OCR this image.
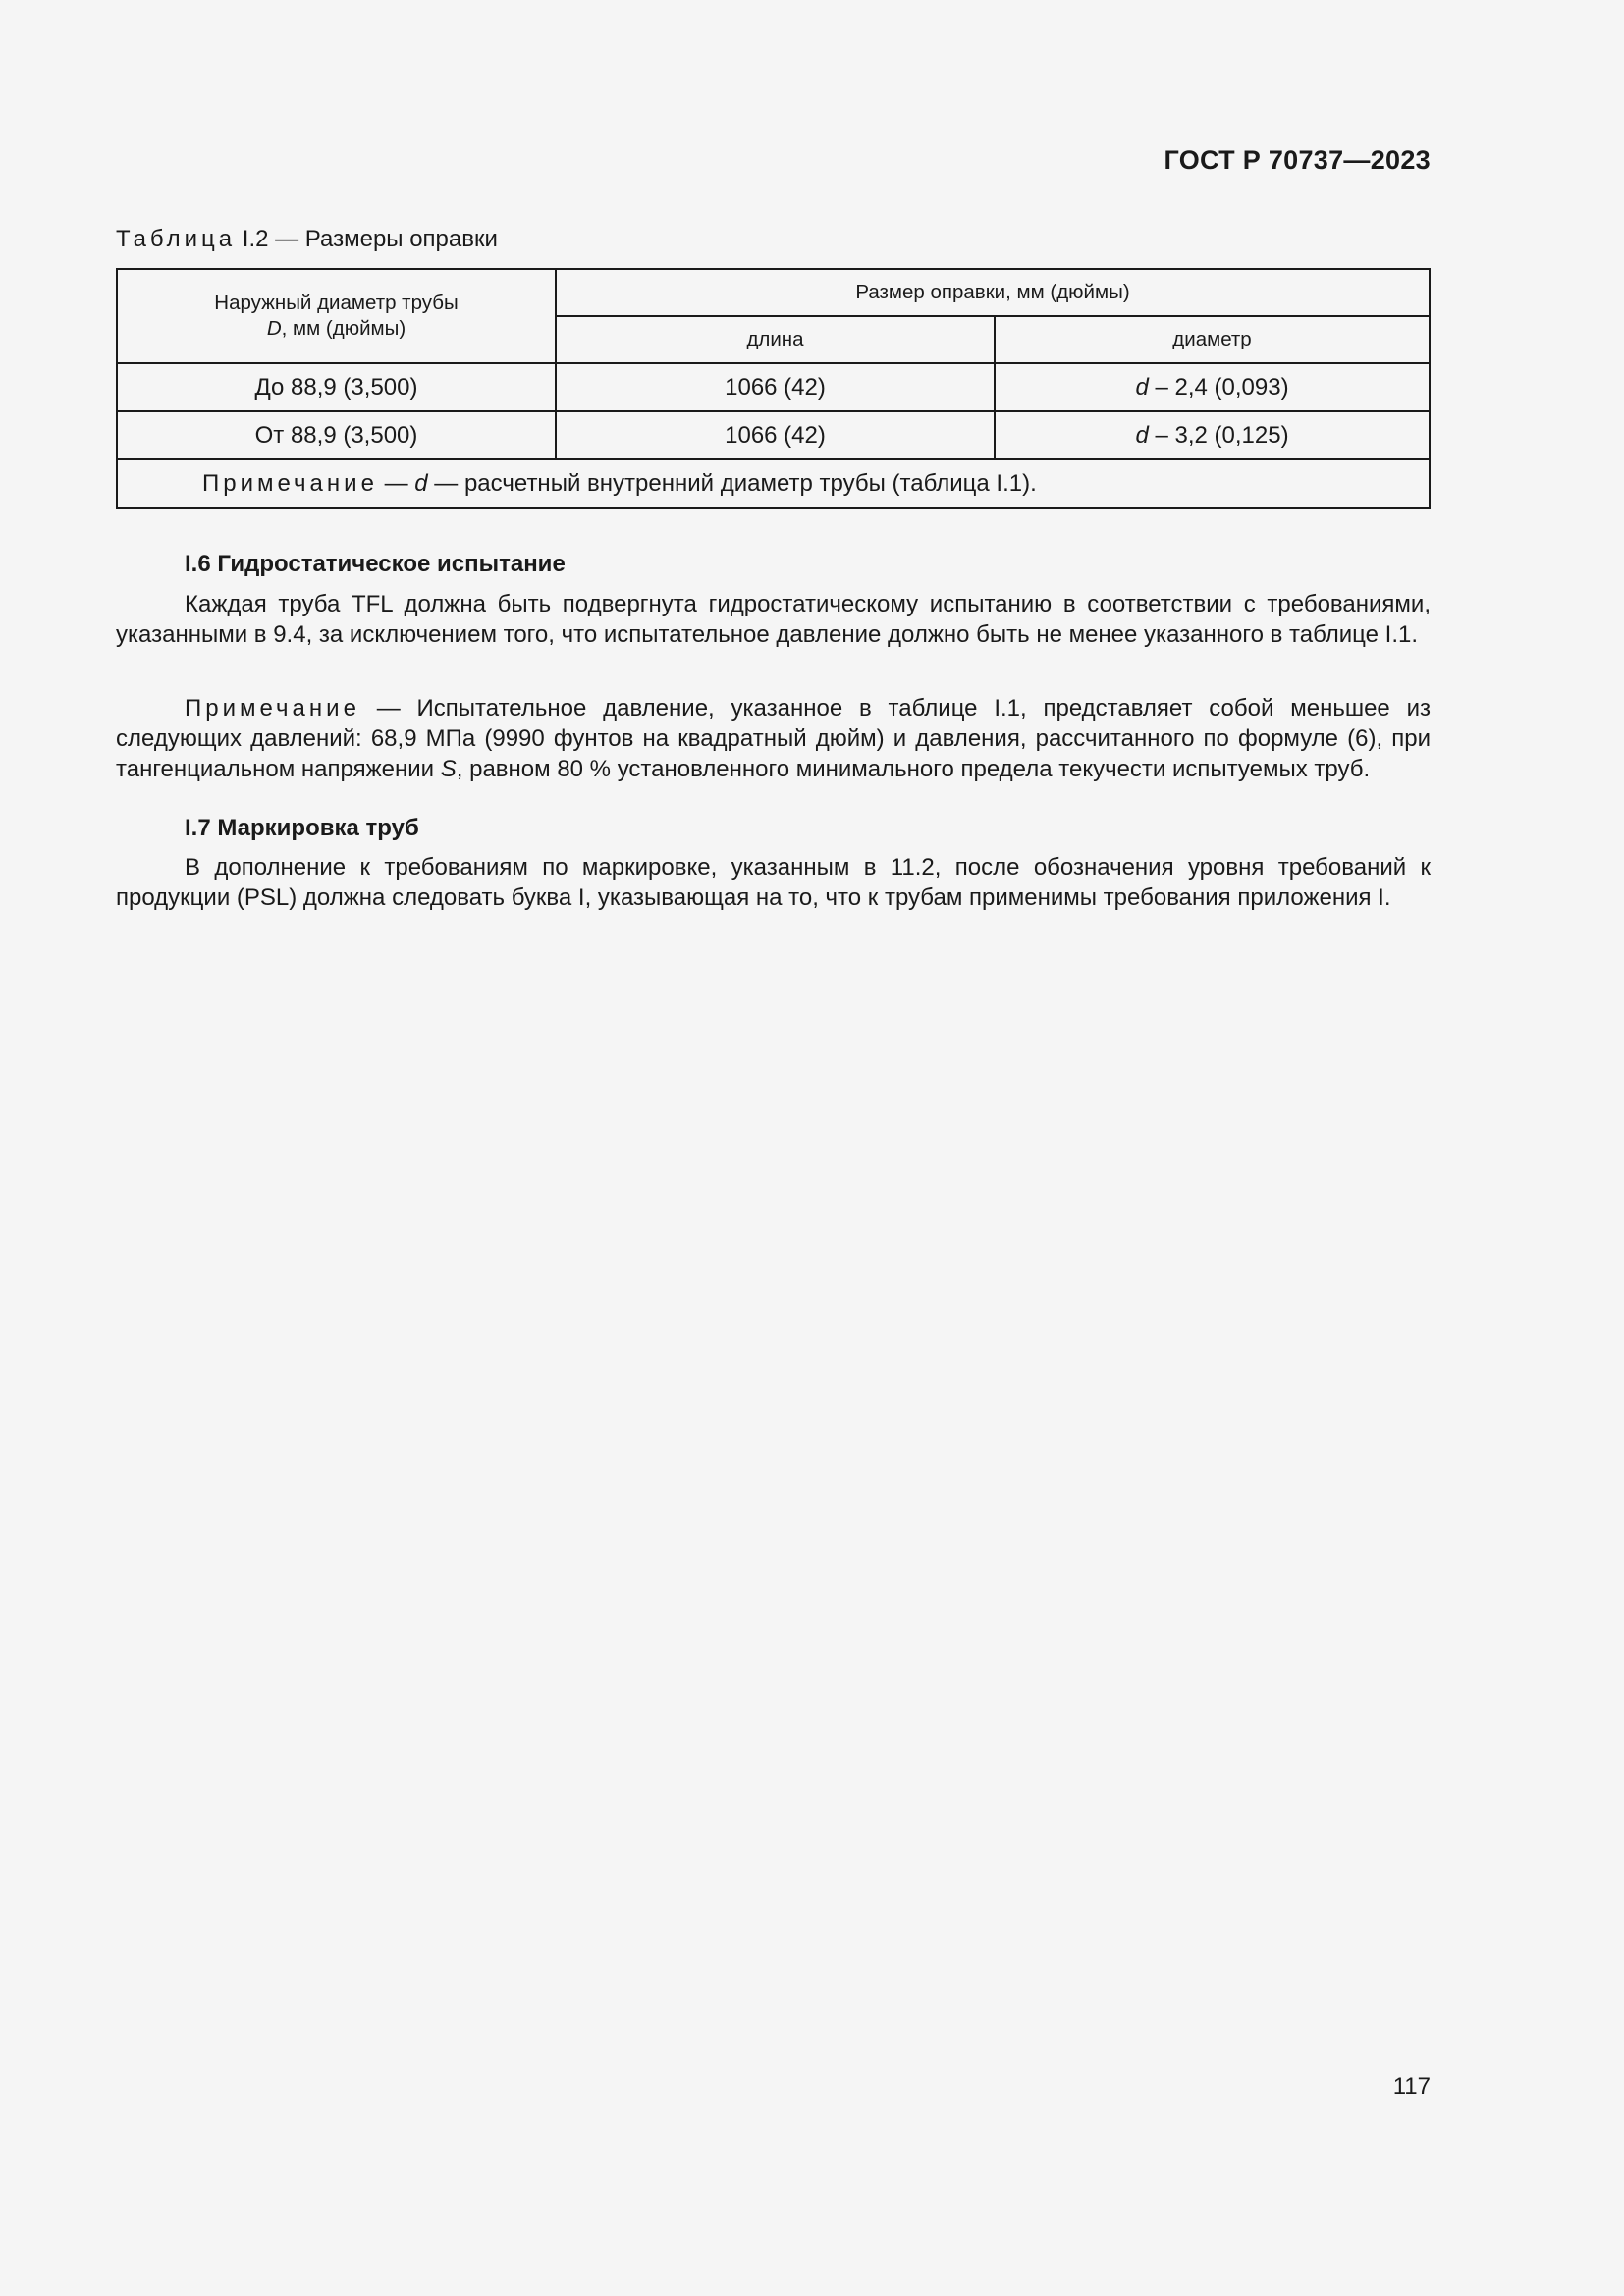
ГОСТ Р 70737—2023
Таблица I.2 — Размеры оправки
Наружный диаметр трубы
D, мм (дюймы)	Размер оправки, мм (дюймы)	
	длина	диаметр
До 88,9 (3,500)	1066 (42)	d – 2,4 (0,093)
От 88,9 (3,500)	1066 (42)	d – 3,2 (0,125)
Примечание — d — расчетный внутренний диаметр трубы (таблица I.1).		
I.6 Гидростатическое испытание
Каждая труба TFL должна быть подвергнута гидростатическому испытанию в соответствии с требованиями, указанными в 9.4, за исключением того, что испытательное давление должно быть не менее указанного в таблице I.1.
Примечание — Испытательное давление, указанное в таблице I.1, представляет собой меньшее из следующих давлений: 68,9 МПа (9990 фунтов на квадратный дюйм) и давления, рассчитанного по формуле (6), при тангенциальном напряжении S, равном 80 % установленного минимального предела текучести испытуемых труб.
I.7 Маркировка труб
В дополнение к требованиям по маркировке, указанным в 11.2, после обозначения уровня требований к продукции (PSL) должна следовать буква I, указывающая на то, что к трубам применимы требования приложения I.
117
